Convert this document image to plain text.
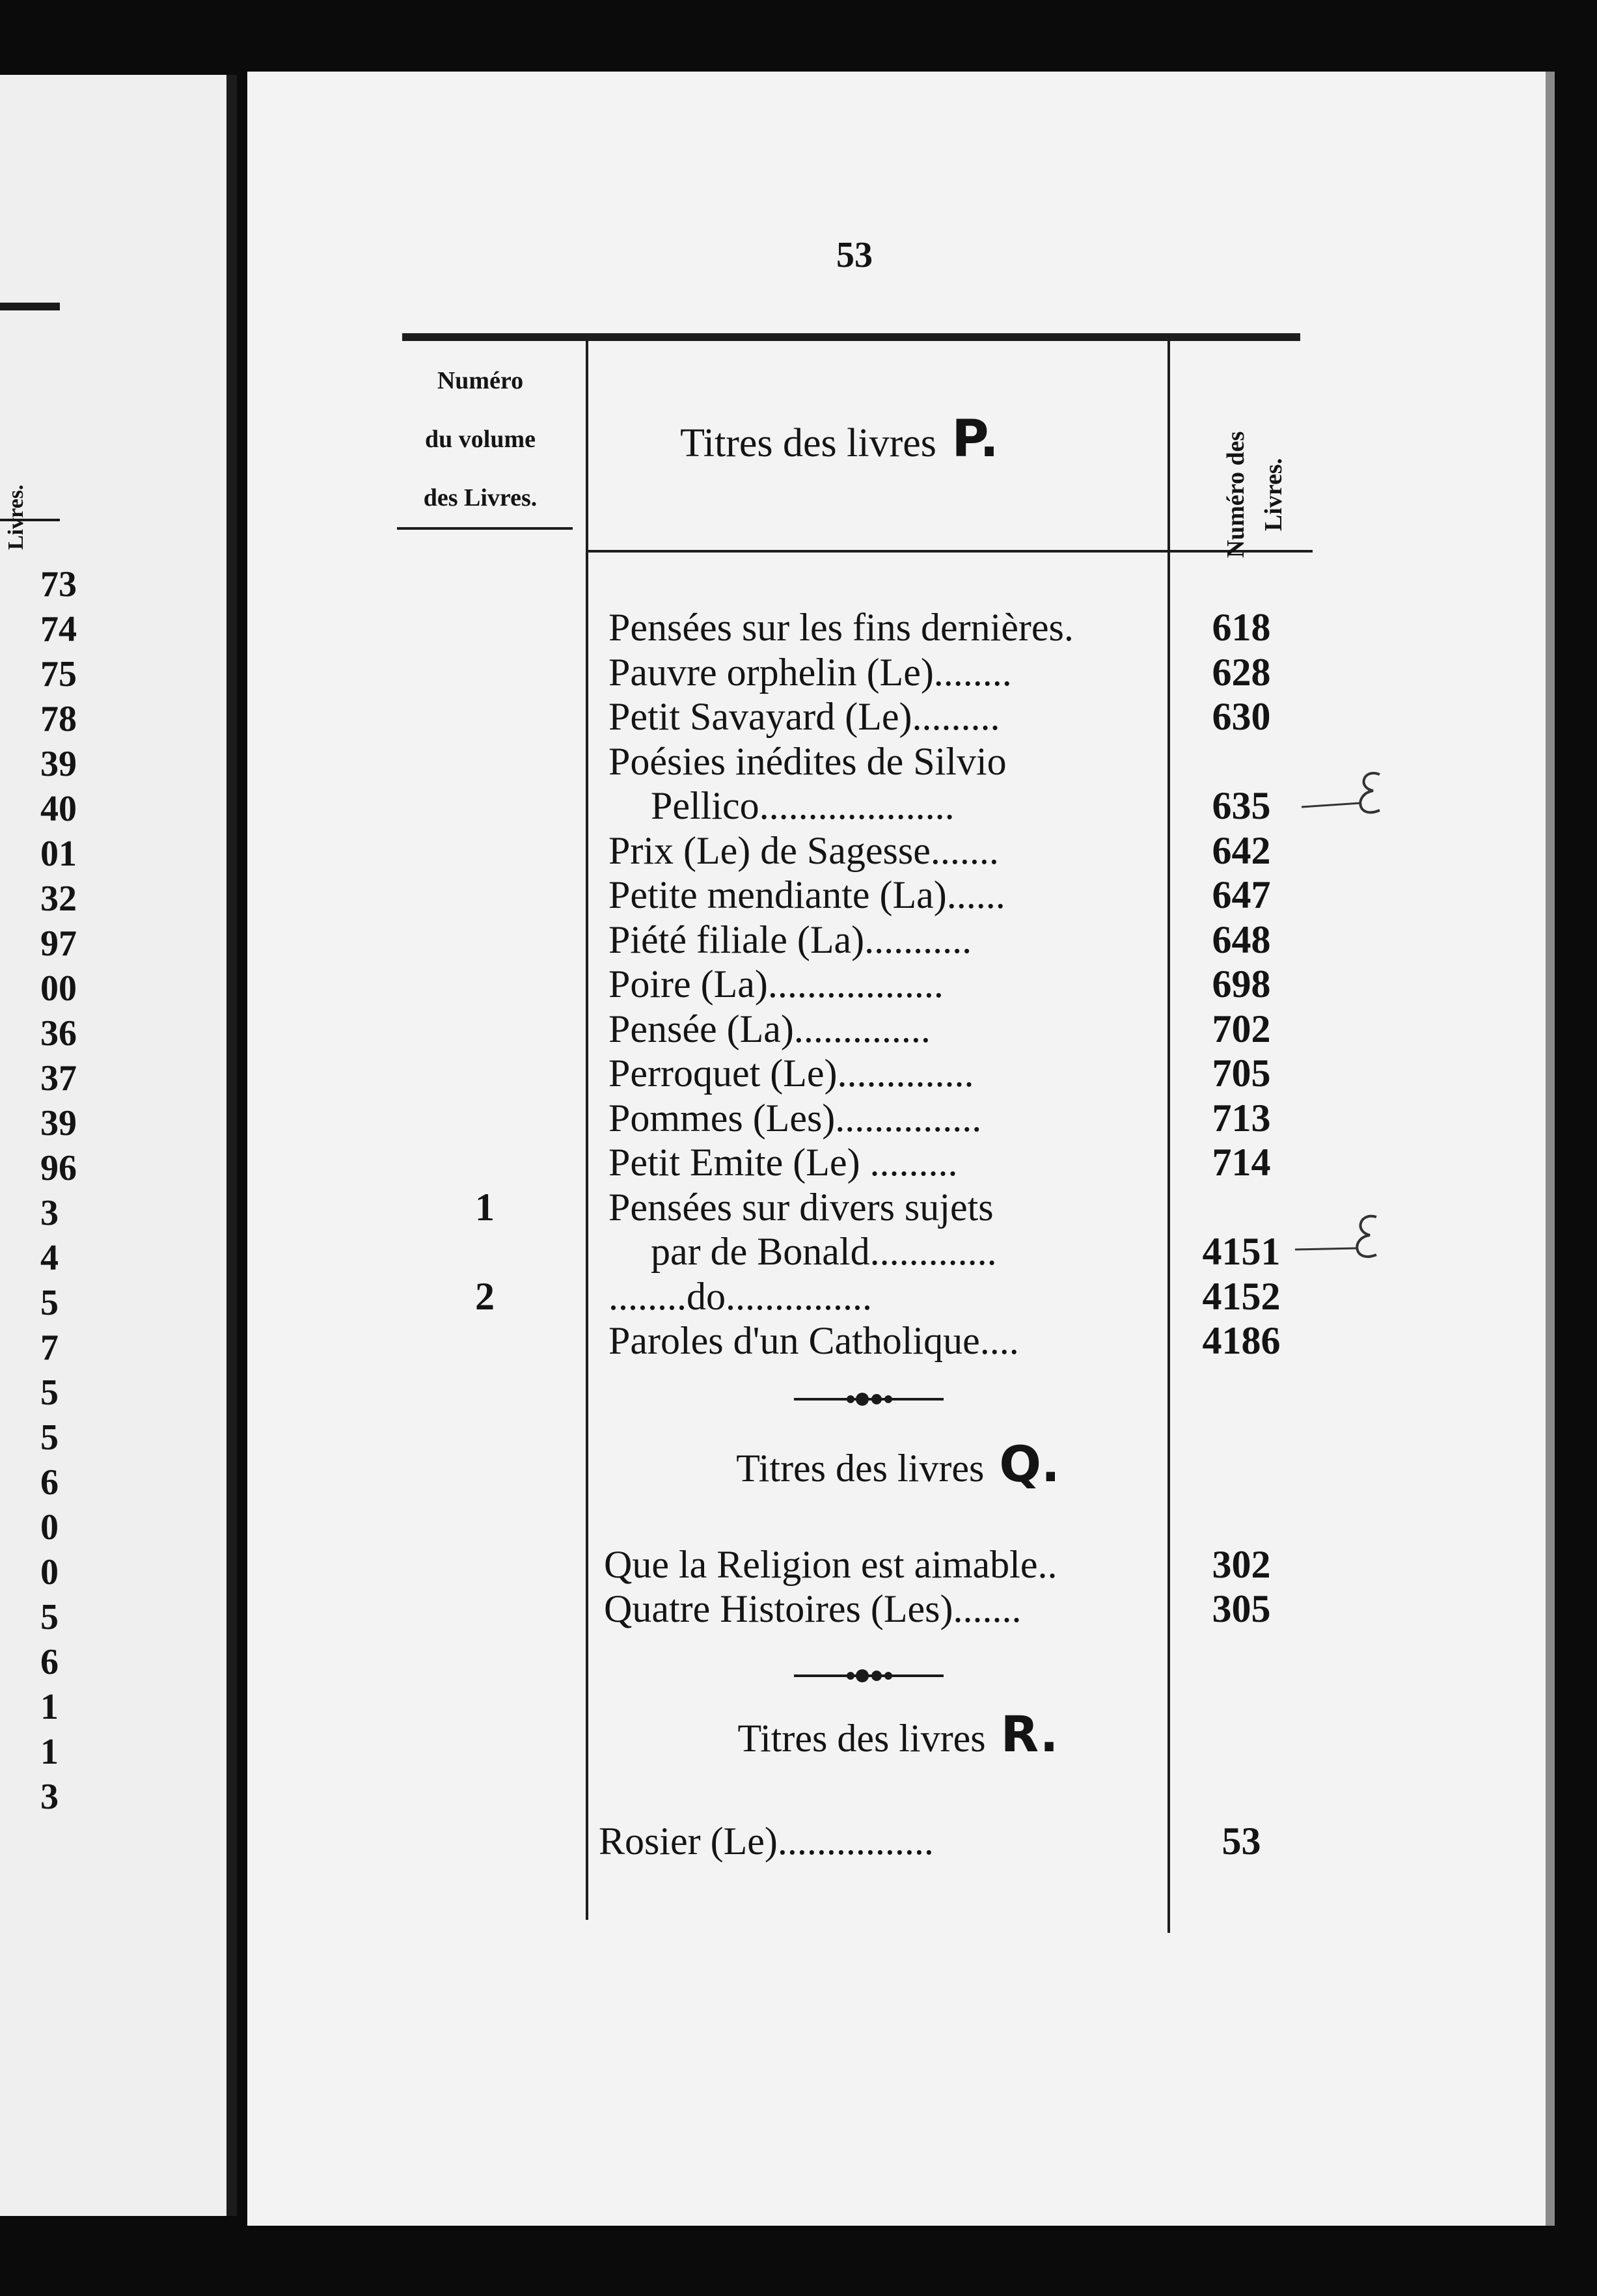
Livres.
73
74
75
78
39
40
01
32
97
00
36
37
39
96
3
4
5
7
5
5
6
0
0
5
6
1
1
3
53
Numéro
du volume
des Livres.
Titres des livres P.	Numéro des Livres.
Pensées sur les fins dernières.	618
Pauvre orphelin (Le)........	628
Petit Savayard (Le).........	630
Poésies inédites de Silvio
Pellico....................	635
Prix (Le) de Sagesse.......	642
Petite mendiante (La)......	647
Piété filiale (La)...........	648
Poire (La)..................	698
Pensée (La)..............	702
Perroquet (Le)..............	705
Pommes (Les)...............	713
Petit Emite (Le) .........	714
1	Pensées sur divers sujets
par de Bonald.............	4151
2	........do...............	4152
Paroles d'un Catholique....	4186
Que la Religion est aimable..	302
Quatre Histoires (Les).......	305
Rosier (Le)................	53
Titres des livres Q.
Titres des livres R.
